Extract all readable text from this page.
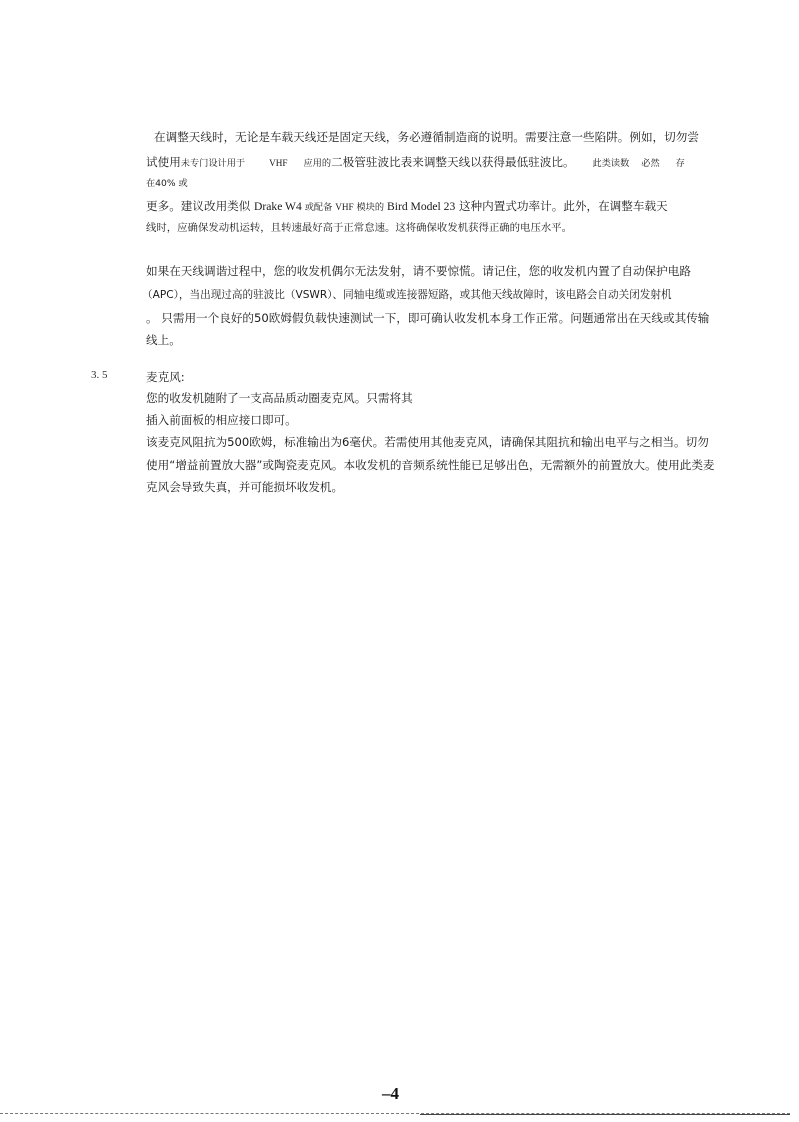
在调整天线时，无论是车载天线还是固定天线，务必遵循制造商的说明。需要注意一些陷阱。例如，切勿尝
试使用未专门设计用于	VHF 应用的二极管驻波比表来调整天线以获得最低驻波比。 此类读数 必然 存
在40% 或
更多。建议改用类似 Drake W4 或配备 VHF 模块的 Bird Model 23 这种内置式功率计。此外，在调整车载天
线时，应确保发动机运转，且转速最好高于正常怠速。这将确保收发机获得正确的电压水平。
如果在天线调谐过程中，您的收发机偶尔无法发射，请不要惊慌。请记住，您的收发机内置了自动保护电路
（APC），当出现过高的驻波比（VSWR）、同轴电缆或连接器短路，或其他天线故障时，该电路会自动关闭发射机
。 只需用一个良好的50欧姆假负载快速测试一下，即可确认收发机本身工作正常。问题通常出在天线或其传输
线上。
3. 5	麦克风:
您的收发机随附了一支高品质动圈麦克风。只需将其
插入前面板的相应接口即可。
该麦克风阻抗为500欧姆，标准输出为6毫伏。若需使用其他麦克风，请确保其阻抗和输出电平与之相当。切勿
使用“增益前置放大器”或陶瓷麦克风。本收发机的音频系统性能已足够出色，无需额外的前置放大。使用此类麦
克风会导致失真，并可能损坏收发机。
–4
